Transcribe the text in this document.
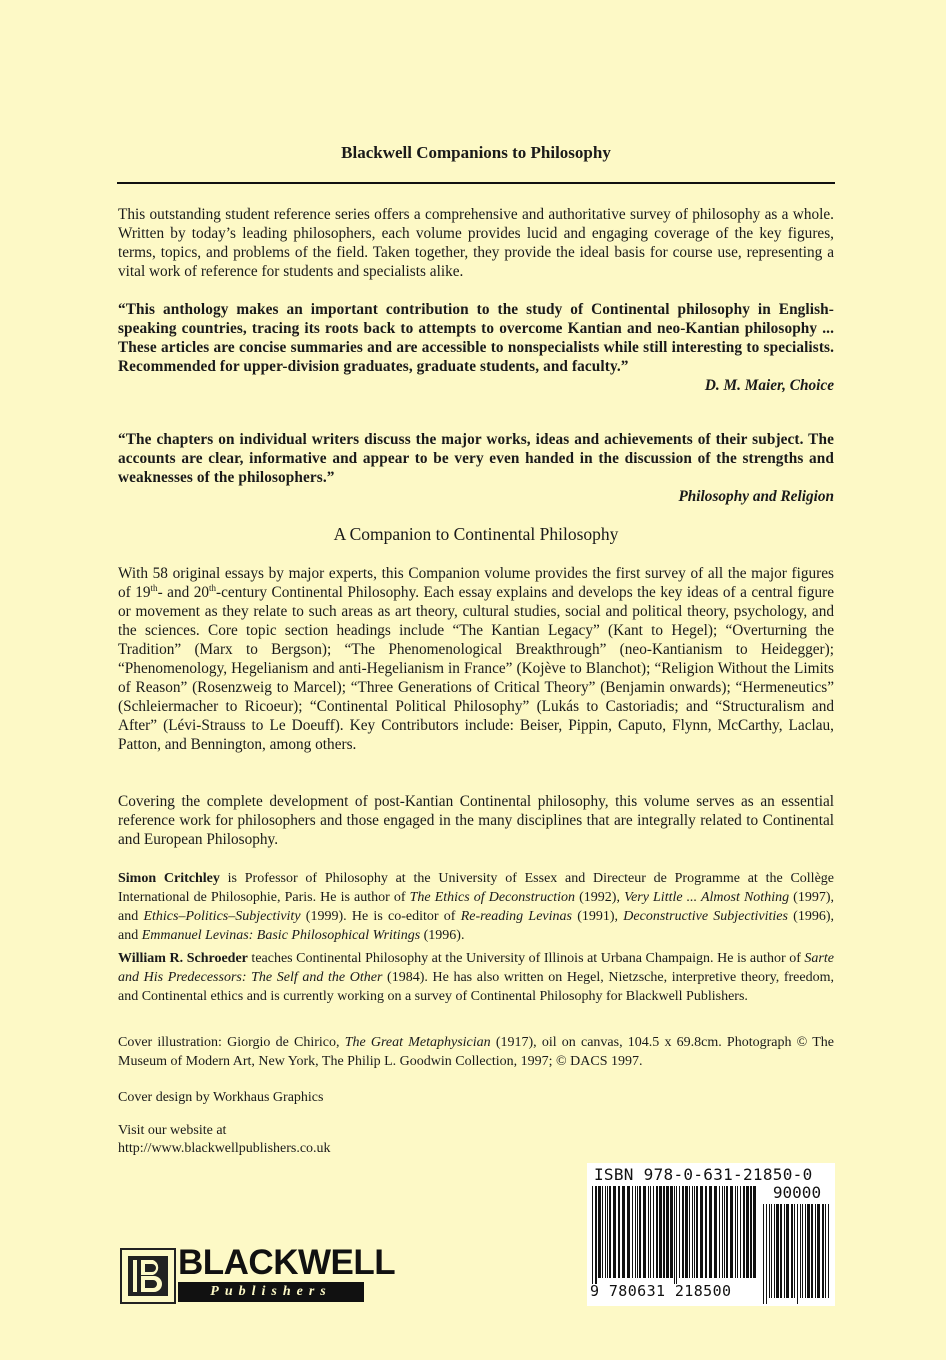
Blackwell Companions to Philosophy

This outstanding student reference series offers a comprehensive and authoritative survey of philosophy as a whole. Written by today’s leading philosophers, each volume provides lucid and engaging coverage of the key figures, terms, topics, and problems of the field. Taken together, they provide the ideal basis for course use, representing a vital work of reference for students and specialists alike.

“This anthology makes an important contribution to the study of Continental philosophy in English-speaking countries, tracing its roots back to attempts to overcome Kantian and neo-Kantian philosophy ... These articles are concise summaries and are accessible to nonspecialists while still interesting to specialists. Recommended for upper-division graduates, graduate students, and faculty.”

D. M. Maier, Choice

“The chapters on individual writers discuss the major works, ideas and achievements of their subject. The accounts are clear, informative and appear to be very even handed in the discussion of the strengths and weaknesses of the philosophers.”

Philosophy and Religion

A Companion to Continental Philosophy

With 58 original essays by major experts, this Companion volume provides the first survey of all the major figures of 19th- and 20th-century Continental Philosophy. Each essay explains and develops the key ideas of a central figure or movement as they relate to such areas as art theory, cultural studies, social and political theory, psychology, and the sciences. Core topic section headings include “The Kantian Legacy” (Kant to Hegel); “Overturning the Tradition” (Marx to Bergson); “The Phenomenological Breakthrough” (neo-Kantianism to Heidegger); “Phenomenology, Hegelianism and anti-Hegelianism in France” (Kojève to Blanchot); “Religion Without the Limits of Reason” (Rosenzweig to Marcel); “Three Generations of Critical Theory” (Benjamin onwards); “Hermeneutics” (Schleiermacher to Ricoeur); “Continental Political Philosophy” (Lukás to Castoriadis; and “Structuralism and After” (Lévi-Strauss to Le Doeuff). Key Contributors include: Beiser, Pippin, Caputo, Flynn, McCarthy, Laclau, Patton, and Bennington, among others.

Covering the complete development of post-Kantian Continental philosophy, this volume serves as an essential reference work for philosophers and those engaged in the many disciplines that are integrally related to Continental and European Philosophy.

Simon Critchley is Professor of Philosophy at the University of Essex and Directeur de Programme at the Collège International de Philosophie, Paris. He is author of The Ethics of Deconstruction (1992), Very Little ... Almost Nothing (1997), and Ethics–Politics–Subjectivity (1999). He is co-editor of Re-reading Levinas (1991), Deconstructive Subjectivities (1996), and Emmanuel Levinas: Basic Philosophical Writings (1996).

William R. Schroeder teaches Continental Philosophy at the University of Illinois at Urbana Champaign. He is author of Sarte and His Predecessors: The Self and the Other (1984). He has also written on Hegel, Nietzsche, interpretive theory, freedom, and Continental ethics and is currently working on a survey of Continental Philosophy for Blackwell Publishers.

Cover illustration: Giorgio de Chirico, The Great Metaphysician (1917), oil on canvas, 104.5 x 69.8cm. Photograph © The Museum of Modern Art, New York, The Philip L. Goodwin Collection, 1997; © DACS 1997.

Cover design by Workhaus Graphics

Visit our website at

http://www.blackwellpublishers.co.uk

ISBN 978-0-631-21850-0
90000
9 780631 218500
BLACKWELL
Publishers
